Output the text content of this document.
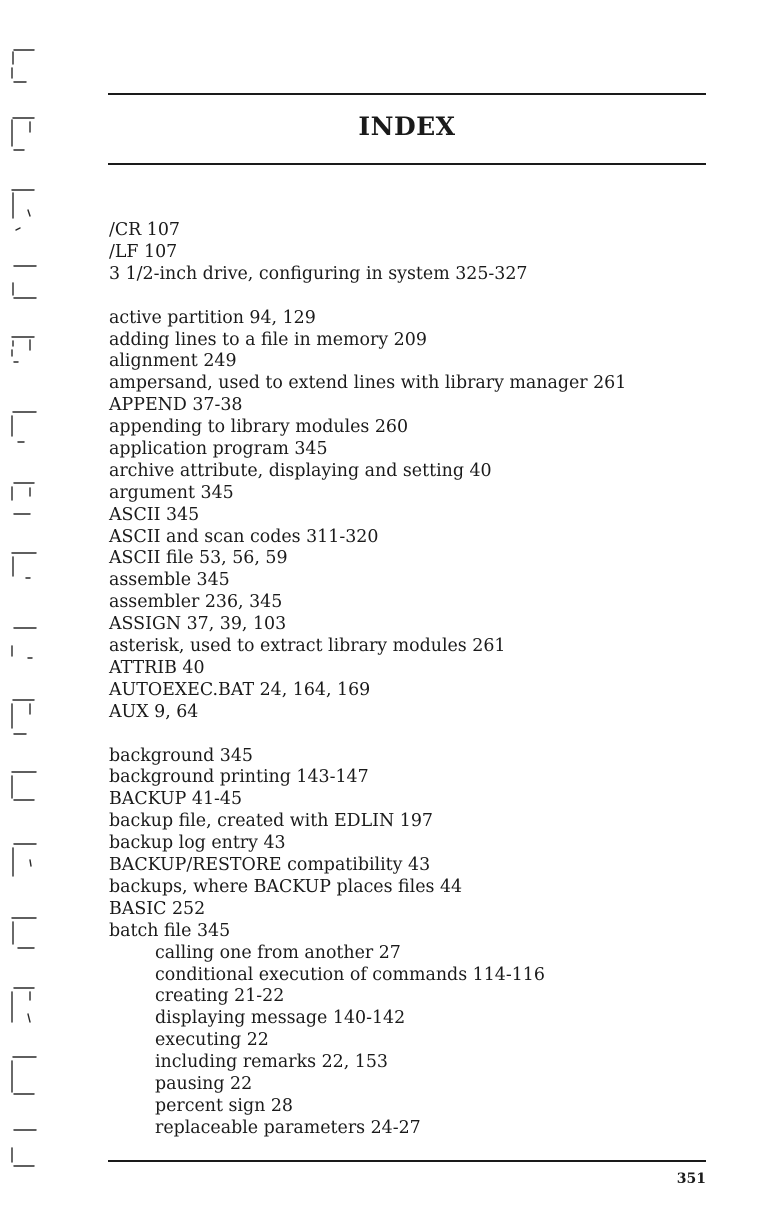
INDEX
/CR 107
/LF 107
3 1/2-inch drive, configuring in system 325-327
active partition 94, 129
adding lines to a file in memory 209
alignment 249
ampersand, used to extend lines with library manager 261
APPEND 37-38
appending to library modules 260
application program 345
archive attribute, displaying and setting 40
argument 345
ASCII 345
ASCII and scan codes 311-320
ASCII file 53, 56, 59
assemble 345
assembler 236, 345
ASSIGN 37, 39, 103
asterisk, used to extract library modules 261
ATTRIB 40
AUTOEXEC.BAT 24, 164, 169
AUX 9, 64
background 345
background printing 143-147
BACKUP 41-45
backup file, created with EDLIN 197
backup log entry 43
BACKUP/RESTORE compatibility 43
backups, where BACKUP places files 44
BASIC 252
batch file 345
calling one from another 27
conditional execution of commands 114-116
creating 21-22
displaying message 140-142
executing 22
including remarks 22, 153
pausing 22
percent sign 28
replaceable parameters 24-27
351
